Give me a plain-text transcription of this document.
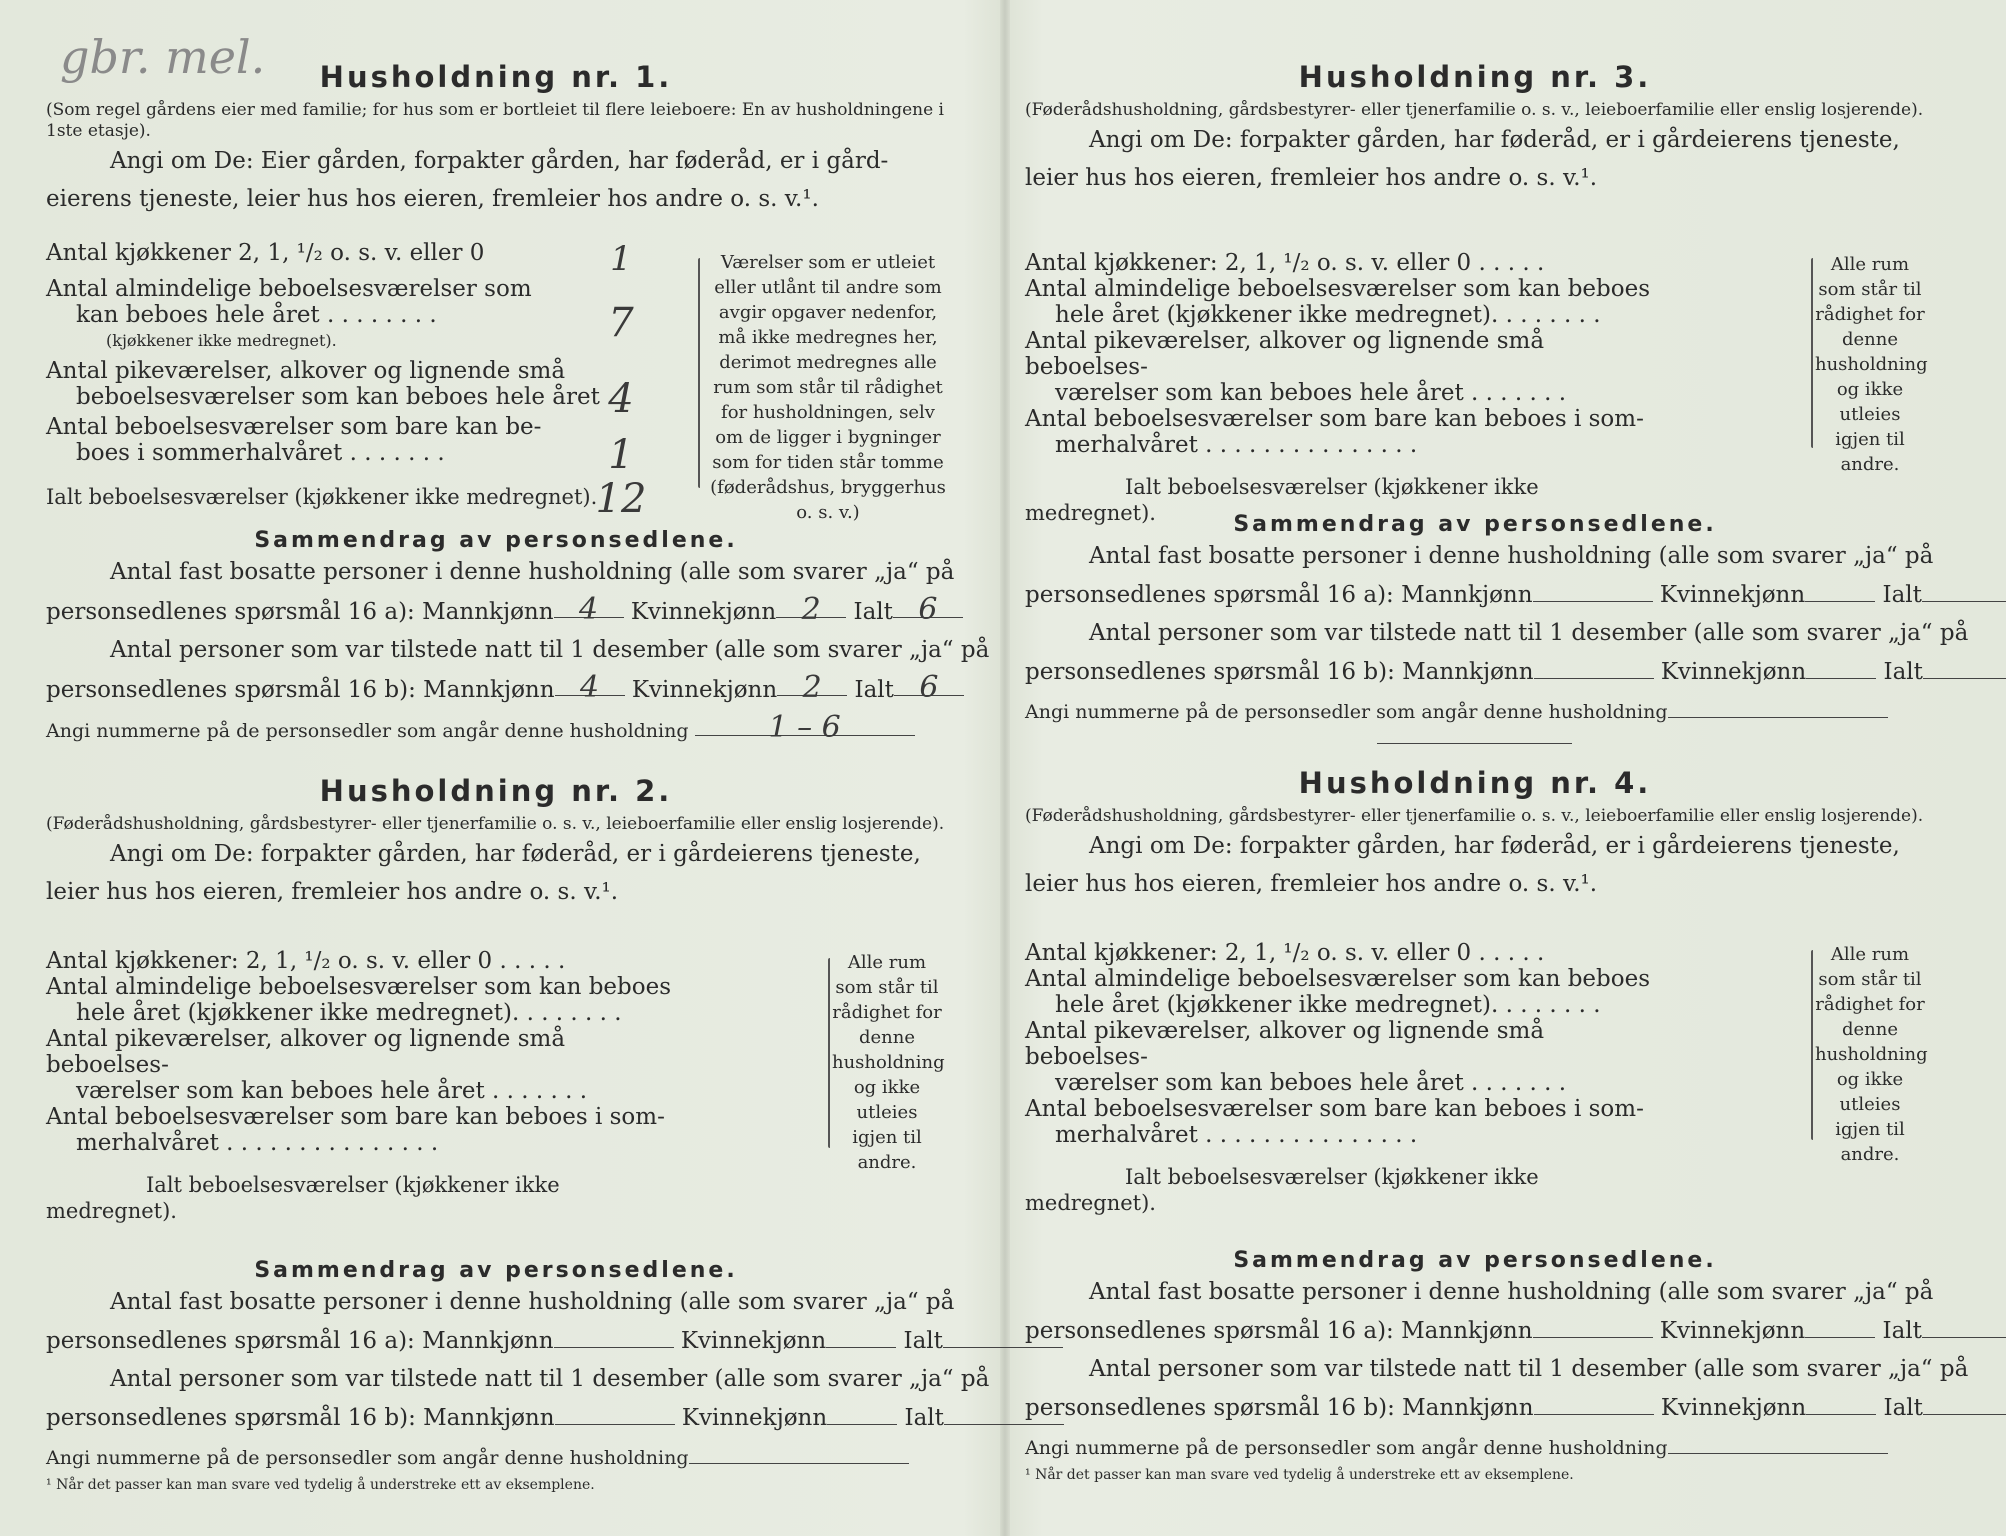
gbr. mel.	Husholdning nr. 1.

(Som regel gårdens eier med familie; for hus som er bortleiet til flere leieboere: En av husholdningene i 1ste etasje).

Angi om De: Eier gården, forpakter gården, har føderåd, er i gård-
eierens tjeneste, leier hus hos eieren, fremleier hos andre o. s. v.¹.
Antal kjøkkener 2, 1, ¹/₂ o. s. v. eller 0	1
Antal almindelige beboelsesværelser som
kan beboes hele året . . . . . . . .
(kjøkkener ikke medregnet).	7
Antal pikeværelser, alkover og lignende små
beboelsesværelser som kan beboes hele året 4
Antal beboelsesværelser som bare kan be-
boes i sommerhalvåret . . . . . . .	1
Ialt beboelsesværelser (kjøkkener ikke medregnet).
12
Værelser som er utleiet eller utlånt til andre som avgir opgaver nedenfor, må ikke medregnes her, derimot medregnes alle rum som står til rådighet for husholdningen, selv om de ligger i bygninger som for tiden står tomme (føderådshus, bryggerhus o. s. v.)
Sammendrag av personsedlene.
Antal fast bosatte personer i denne husholdning (alle som svarer „ja“ på
personsedlenes spørsmål 16 a): Mannkjønn 4 Kvinnekjønn 2 Ialt 6
Antal personer som var tilstede natt til 1 desember (alle som svarer „ja“ på
personsedlenes spørsmål 16 b): Mannkjønn 4 Kvinnekjønn 2 Ialt 6
Angi nummerne på de personsedler som angår denne husholdning	1 – 6
Husholdning nr. 2.

(Føderådshusholdning, gårdsbestyrer- eller tjenerfamilie o. s. v., leieboerfamilie eller enslig losjerende).

Angi om De: forpakter gården, har føderåd, er i gårdeierens tjeneste,
leier hus hos eieren, fremleier hos andre o. s. v.¹.
Antal kjøkkener: 2, 1, ¹/₂ o. s. v. eller 0 . . . . .
Antal almindelige beboelsesværelser som kan beboes
hele året (kjøkkener ikke medregnet). . . . . . . .
Antal pikeværelser, alkover og lignende små beboelses-
værelser som kan beboes hele året . . . . . . .
Antal beboelsesværelser som bare kan beboes i som-
merhalvåret . . . . . . . . . . . . . . .
Ialt beboelsesværelser (kjøkkener ikke medregnet).
Alle rum som står til rådighet for denne husholdning og ikke utleies igjen til andre.
Sammendrag av personsedlene.
Antal fast bosatte personer i denne husholdning (alle som svarer „ja“ på
personsedlenes spørsmål 16 a): Mannkjønn	Kvinnekjønn	Ialt
Antal personer som var tilstede natt til 1 desember (alle som svarer „ja“ på
personsedlenes spørsmål 16 b): Mannkjønn	Kvinnekjønn	Ialt
Angi nummerne på de personsedler som angår denne husholdning
¹ Når det passer kan man svare ved tydelig å understreke ett av eksemplene.
Husholdning nr. 3.

(Føderådshusholdning, gårdsbestyrer- eller tjenerfamilie o. s. v., leieboerfamilie eller enslig losjerende).

Angi om De: forpakter gården, har føderåd, er i gårdeierens tjeneste,
leier hus hos eieren, fremleier hos andre o. s. v.¹.
Antal kjøkkener: 2, 1, ¹/₂ o. s. v. eller 0 . . . . .
Antal almindelige beboelsesværelser som kan beboes
hele året (kjøkkener ikke medregnet). . . . . . . .
Antal pikeværelser, alkover og lignende små beboelses-
værelser som kan beboes hele året . . . . . . .
Antal beboelsesværelser som bare kan beboes i som-
merhalvåret . . . . . . . . . . . . . . .
Ialt beboelsesværelser (kjøkkener ikke medregnet).
Alle rum som står til rådighet for denne husholdning og ikke utleies igjen til andre.
Sammendrag av personsedlene.
Antal fast bosatte personer i denne husholdning (alle som svarer „ja“ på
personsedlenes spørsmål 16 a): Mannkjønn	Kvinnekjønn	Ialt
Antal personer som var tilstede natt til 1 desember (alle som svarer „ja“ på
personsedlenes spørsmål 16 b): Mannkjønn	Kvinnekjønn	Ialt
Angi nummerne på de personsedler som angår denne husholdning
Husholdning nr. 4.

(Føderådshusholdning, gårdsbestyrer- eller tjenerfamilie o. s. v., leieboerfamilie eller enslig losjerende).

Angi om De: forpakter gården, har føderåd, er i gårdeierens tjeneste,
leier hus hos eieren, fremleier hos andre o. s. v.¹.
Antal kjøkkener: 2, 1, ¹/₂ o. s. v. eller 0 . . . . .
Antal almindelige beboelsesværelser som kan beboes
hele året (kjøkkener ikke medregnet). . . . . . . .
Antal pikeværelser, alkover og lignende små beboelses-
værelser som kan beboes hele året . . . . . . .
Antal beboelsesværelser som bare kan beboes i som-
merhalvåret . . . . . . . . . . . . . . .
Ialt beboelsesværelser (kjøkkener ikke medregnet).
Alle rum som står til rådighet for denne husholdning og ikke utleies igjen til andre.
Sammendrag av personsedlene.
Antal fast bosatte personer i denne husholdning (alle som svarer „ja“ på
personsedlenes spørsmål 16 a): Mannkjønn	Kvinnekjønn	Ialt
Antal personer som var tilstede natt til 1 desember (alle som svarer „ja“ på
personsedlenes spørsmål 16 b): Mannkjønn	Kvinnekjønn	Ialt
Angi nummerne på de personsedler som angår denne husholdning
¹ Når det passer kan man svare ved tydelig å understreke ett av eksemplene.
